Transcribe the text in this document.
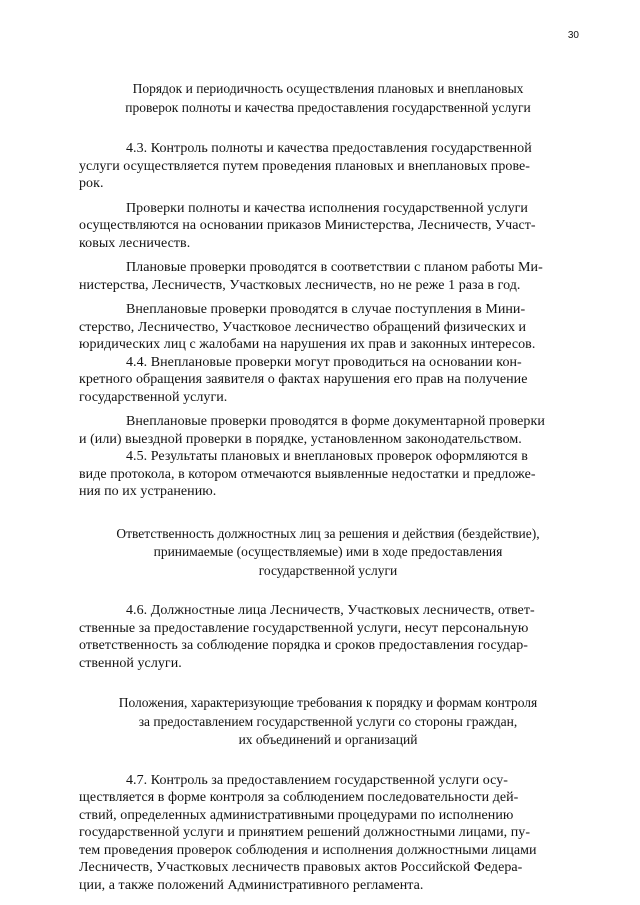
30
Порядок и периодичность осуществления плановых и внеплановых
проверок полноты и качества предоставления государственной услуги
4.3. Контроль полноты и качества предоставления государственной
услуги осуществляется путем проведения плановых и внеплановых прове-
рок.
Проверки полноты и качества исполнения государственной услуги
осуществляются на основании приказов Министерства, Лесничеств, Участ-
ковых лесничеств.
Плановые проверки проводятся в соответствии с планом работы Ми-
нистерства, Лесничеств, Участковых лесничеств, но не реже 1 раза в год.
Внеплановые проверки проводятся в случае поступления в Мини-
стерство, Лесничество, Участковое лесничество обращений физических и
юридических лиц с жалобами на нарушения их прав и законных интересов.
4.4. Внеплановые проверки могут проводиться на основании кон-
кретного обращения заявителя о фактах нарушения его прав на получение
государственной услуги.
Внеплановые проверки проводятся в форме документарной проверки
и (или) выездной проверки в порядке, установленном законодательством.
4.5. Результаты плановых и внеплановых проверок оформляются в
виде протокола, в котором отмечаются выявленные недостатки и предложе-
ния по их устранению.
Ответственность должностных лиц за решения и действия (бездействие),
принимаемые (осуществляемые) ими в ходе предоставления
государственной услуги
4.6. Должностные лица Лесничеств, Участковых лесничеств, ответ-
ственные за предоставление государственной услуги, несут персональную
ответственность за соблюдение порядка и сроков предоставления государ-
ственной услуги.
Положения, характеризующие требования к порядку и формам контроля
за предоставлением государственной услуги со стороны граждан,
их объединений и организаций
4.7. Контроль за предоставлением государственной услуги осу-
ществляется в форме контроля за соблюдением последовательности дей-
ствий, определенных административными процедурами по исполнению
государственной услуги и принятием решений должностными лицами, пу-
тем проведения проверок соблюдения и исполнения должностными лицами
Лесничеств, Участковых лесничеств правовых актов Российской Федера-
ции, а также положений Административного регламента.
